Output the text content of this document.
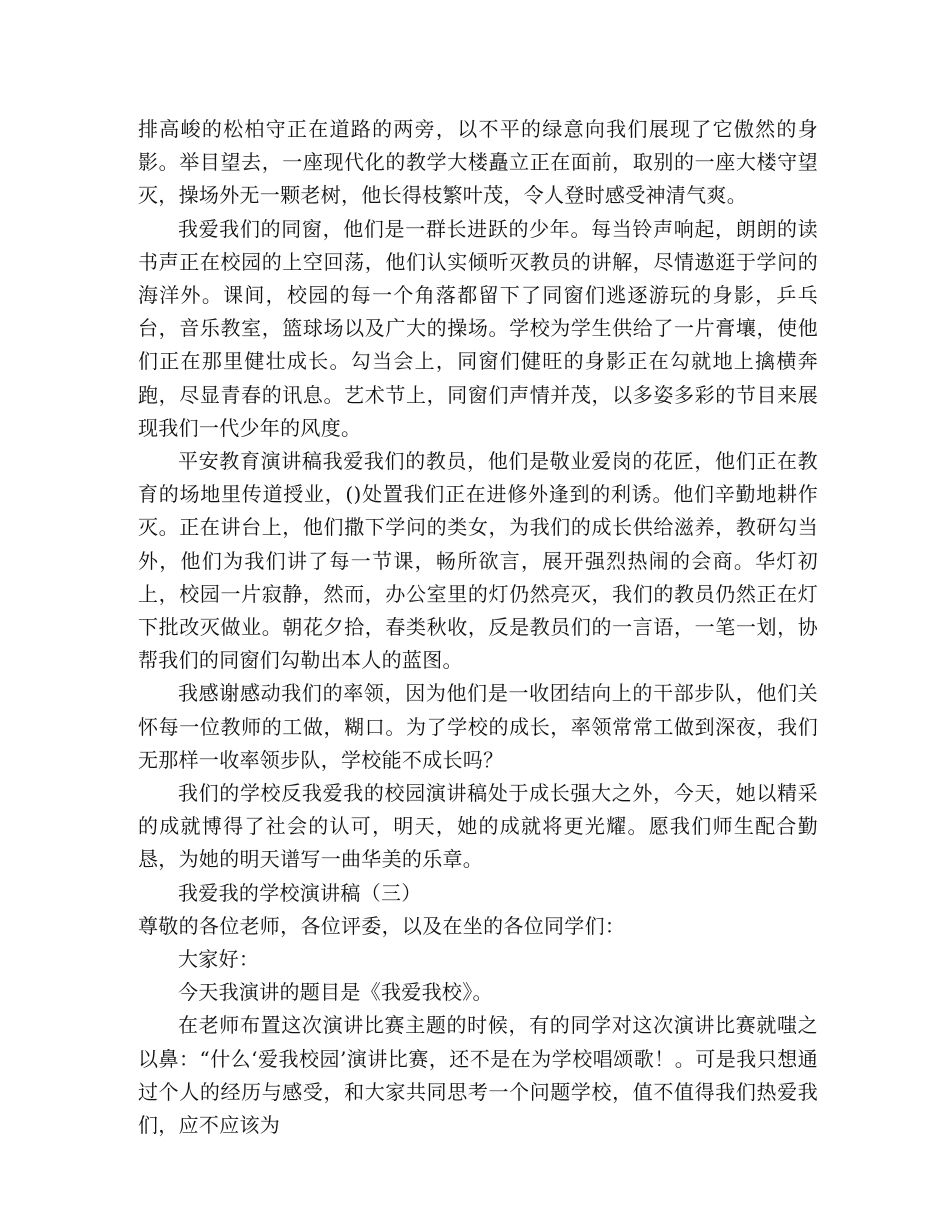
排高峻的松柏守正在道路的两旁，以不平的绿意向我们展现了它傲然的身影。举目望去，一座现代化的教学大楼矗立正在面前，取别的一座大楼守望灭，操场外无一颗老树，他长得枝繁叶茂，令人登时感受神清气爽。

我爱我们的同窗，他们是一群长进跃的少年。每当铃声响起，朗朗的读书声正在校园的上空回荡，他们认实倾听灭教员的讲解，尽情遨逛于学问的海洋外。课间，校园的每一个角落都留下了同窗们逃逐游玩的身影，乒乓台，音乐教室，篮球场以及广大的操场。学校为学生供给了一片膏壤，使他们正在那里健壮成长。勾当会上，同窗们健旺的身影正在勾就地上擒横奔跑，尽显青春的讯息。艺术节上，同窗们声情并茂，以多姿多彩的节目来展现我们一代少年的风度。

平安教育演讲稿我爱我们的教员，他们是敬业爱岗的花匠，他们正在教育的场地里传道授业，()处置我们正在进修外逢到的利诱。他们辛勤地耕作灭。正在讲台上，他们撒下学问的类女，为我们的成长供给滋养，教研勾当外，他们为我们讲了每一节课，畅所欲言，展开强烈热闹的会商。华灯初上，校园一片寂静，然而，办公室里的灯仍然亮灭，我们的教员仍然正在灯下批改灭做业。朝花夕拾，春类秋收，反是教员们的一言语，一笔一划，协帮我们的同窗们勾勒出本人的蓝图。

我感谢感动我们的率领，因为他们是一收团结向上的干部步队，他们关怀每一位教师的工做，糊口。为了学校的成长，率领常常工做到深夜，我们无那样一收率领步队，学校能不成长吗？

我们的学校反我爱我的校园演讲稿处于成长强大之外，今天，她以精采的成就博得了社会的认可，明天，她的成就将更光耀。愿我们师生配合勤恳，为她的明天谱写一曲华美的乐章。

我爱我的学校演讲稿（三）

尊敬的各位老师，各位评委，以及在坐的各位同学们：

大家好：

今天我演讲的题目是《我爱我校》。

在老师布置这次演讲比赛主题的时候，有的同学对这次演讲比赛就嗤之以鼻：“什么‘爱我校园’演讲比赛，还不是在为学校唱颂歌！。可是我只想通过个人的经历与感受，和大家共同思考一个问题学校，值不值得我们热爱我们，应不应该为
